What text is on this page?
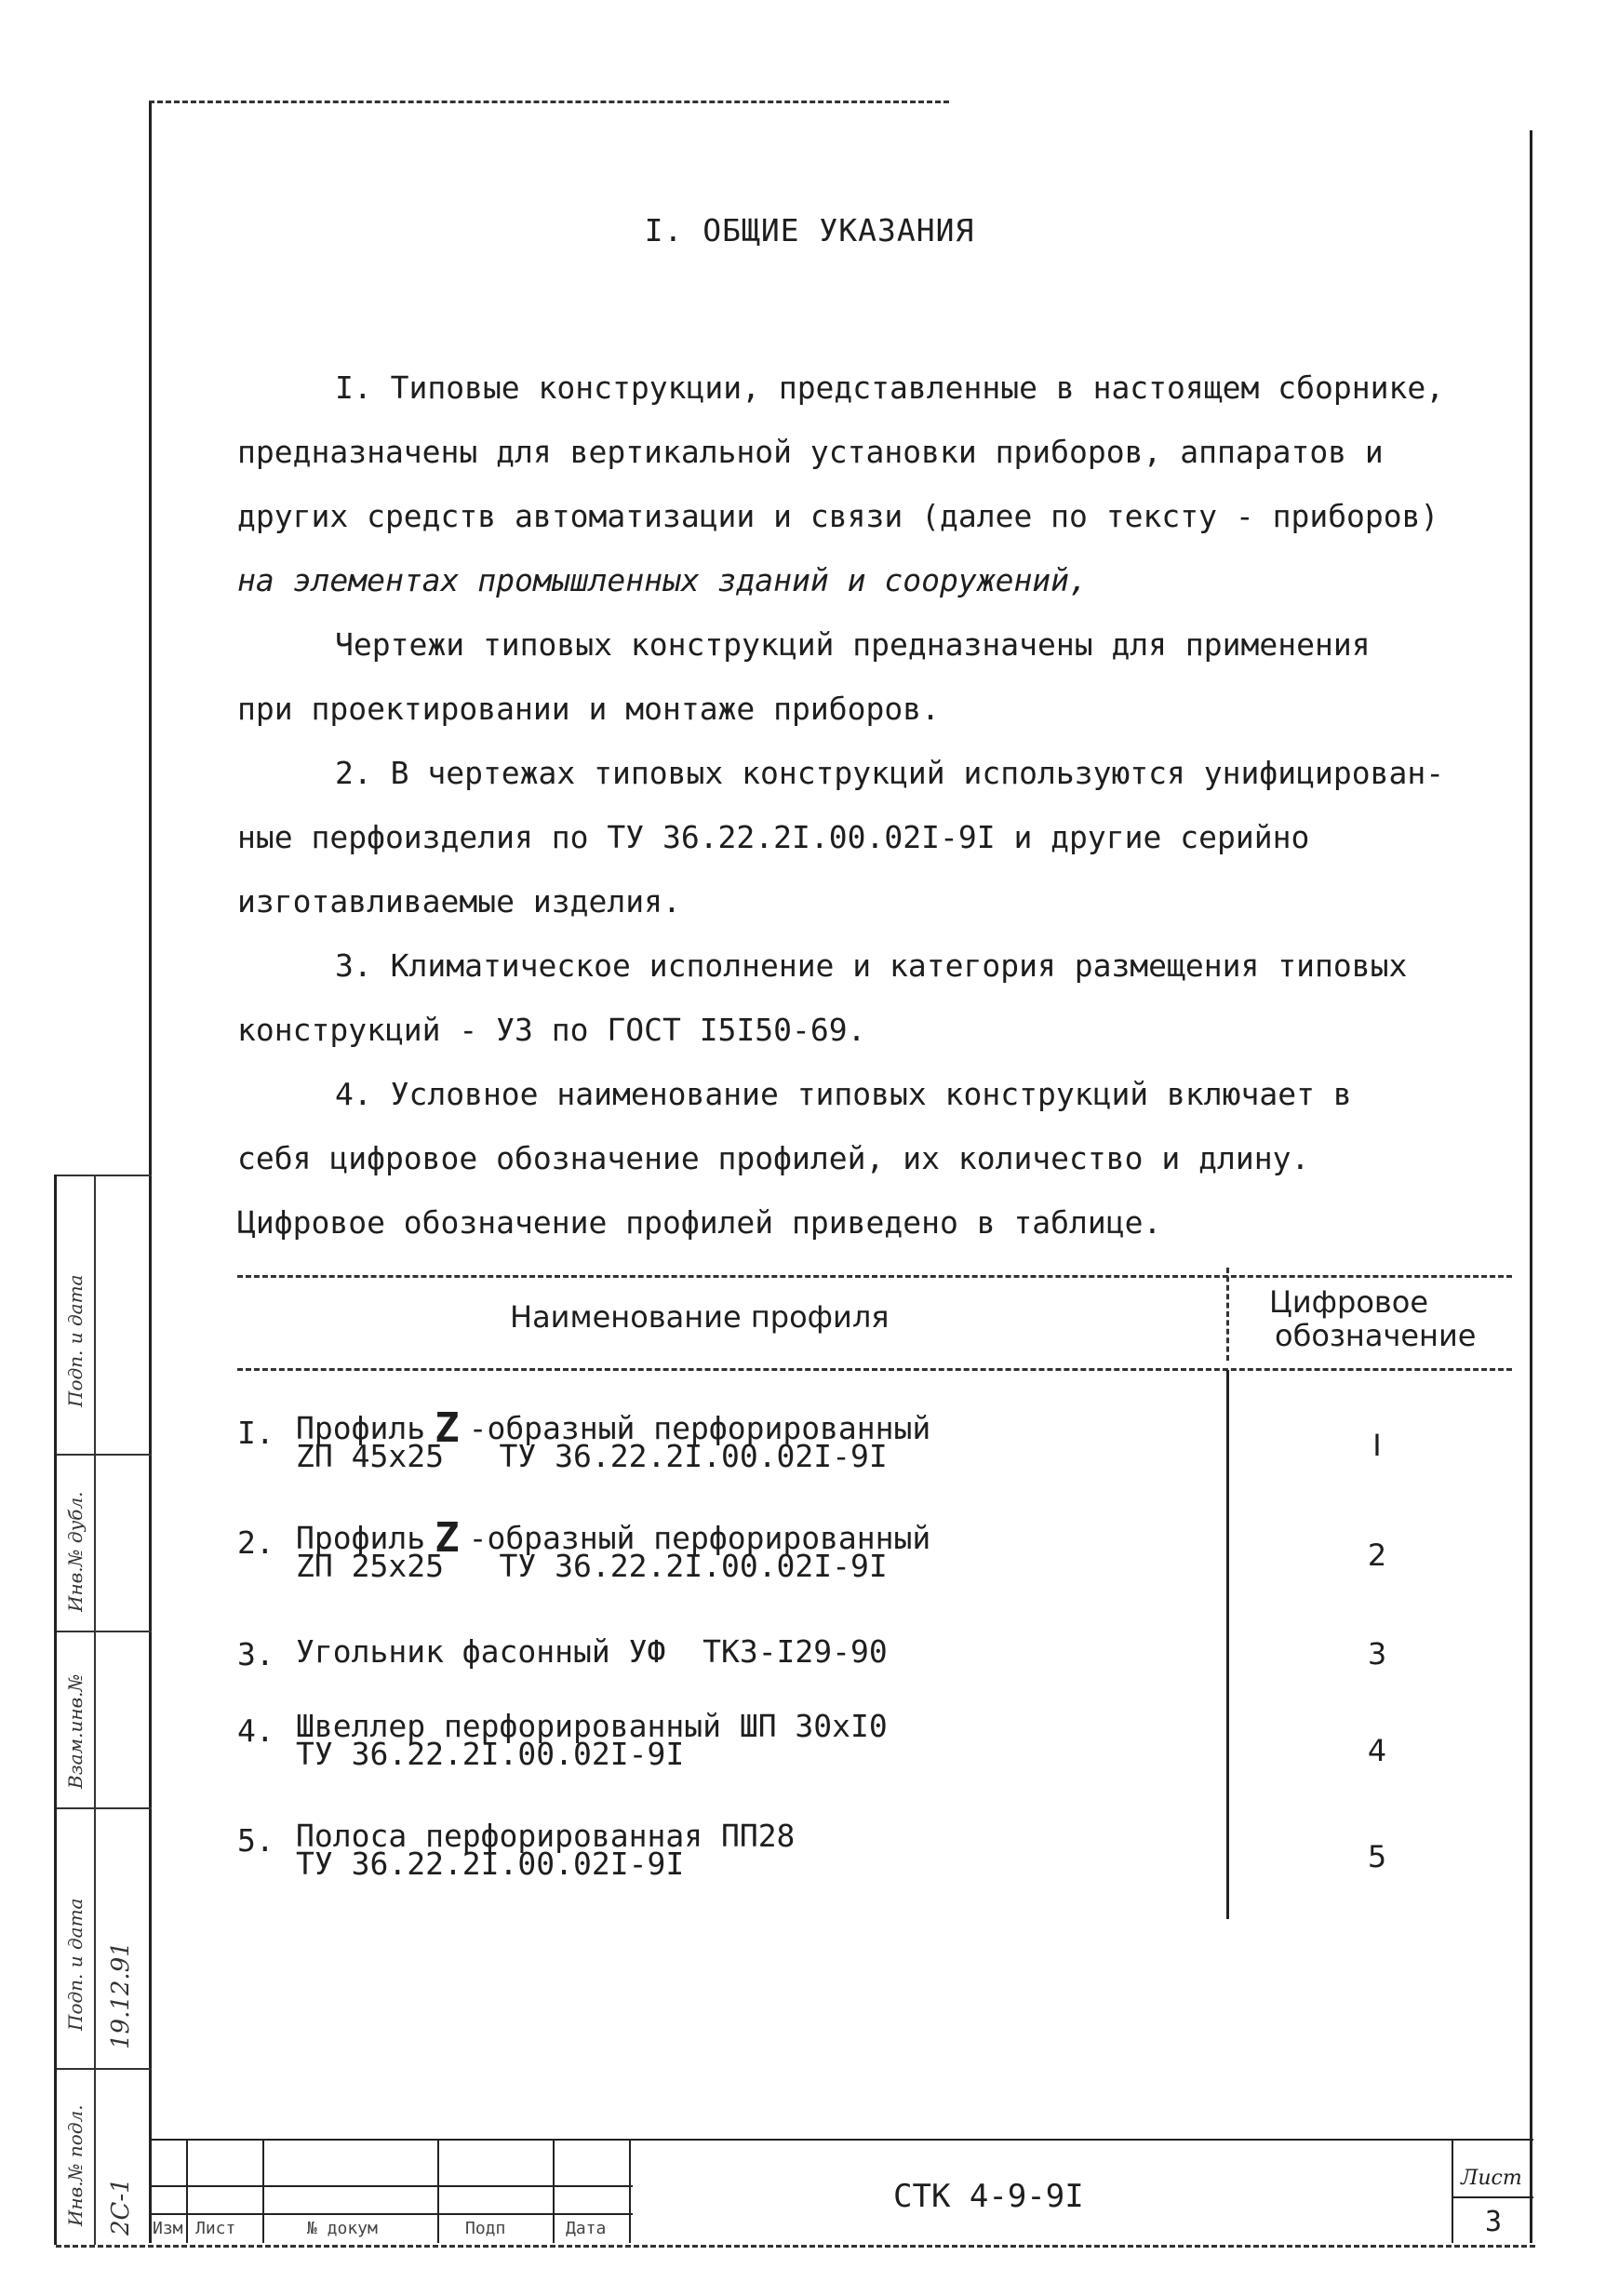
I. ОБЩИЕ УКАЗАНИЯ
I. Типовые конструкции, представленные в настоящем сборнике,
предназначены для вертикальной установки приборов, аппаратов и
других средств автоматизации и связи (далее по тексту - приборов)
на элементах промышленных зданий и сооружений,
Чертежи типовых конструкций предназначены для применения
при проектировании и монтаже приборов.
2. В чертежах типовых конструкций используются унифицирован-
ные перфоизделия по ТУ 36.22.2I.00.02I-9I и другие серийно
изготавливаемые изделия.
3. Климатическое исполнение и категория размещения типовых
конструкций - УЗ по ГОСТ I5I50-69.
4. Условное наименование типовых конструкций включает в
себя цифровое обозначение профилей, их количество и длину.
Цифровое обозначение профилей приведено в таблице.
Наименование профиля	Цифровое
обозначение
I. Профиль Z -образный перфорированный
ZП 45x25   ТУ 36.22.2I.00.02I-9I	I
2. Профиль Z -образный перфорированный
ZП 25x25   ТУ 36.22.2I.00.02I-9I	2
3. Угольник фасонный УФ  ТКЗ-I29-90	3
4. Швеллер перфорированный ШП 30xI0
ТУ 36.22.2I.00.02I-9I	4
5. Полоса перфорированная ПП28
ТУ 36.22.2I.00.02I-9I	5
Подп. и дата
Инв.№ дубл.
Взам.инв.№
Подп. и дата
Инв.№ подл.
19.12.91
2С-1 Изм Лист	№ докум	Подп	Дата
СТК 4-9-9I	Лист
3
